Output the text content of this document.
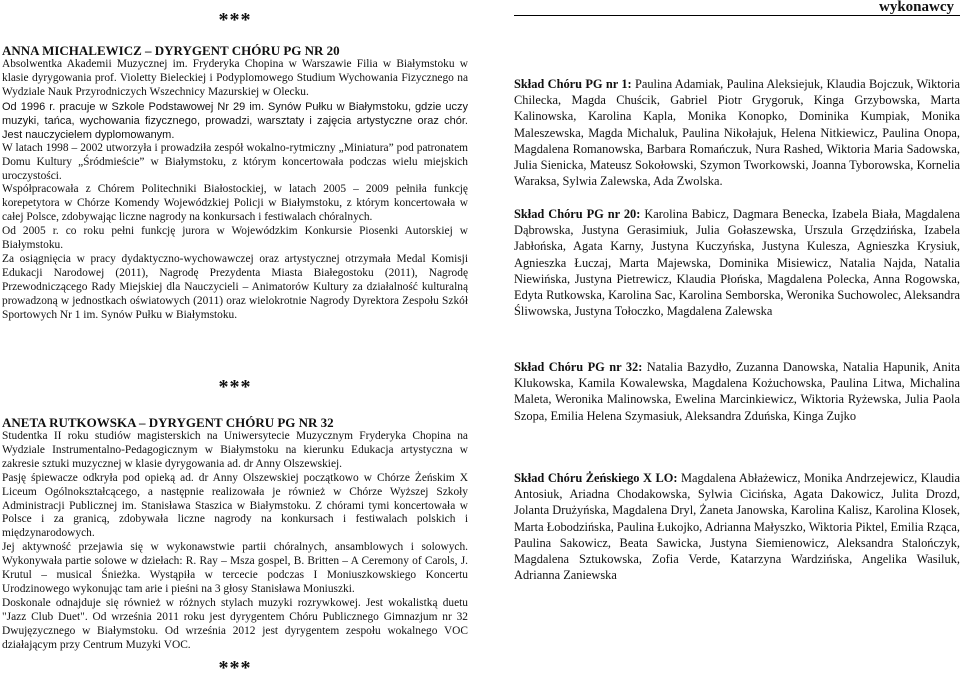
***

ANNA MICHALEWICZ – DYRYGENT CHÓRU PG NR 20

Absolwentka Akademii Muzycznej im. Fryderyka Chopina w Warszawie Filia w Białymstoku w klasie dyrygowania prof. Violetty Bieleckiej i Podyplomowego Studium Wychowania Fizycznego na Wydziale Nauk Przyrodniczych Wszechnicy Mazurskiej w Olecku.

Od 1996 r. pracuje w Szkole Podstawowej Nr 29 im. Synów Pułku w Białymstoku, gdzie uczy muzyki, tańca, wychowania fizycznego, prowadzi, warsztaty i zajęcia artystyczne oraz chór. Jest nauczycielem dyplomowanym.

W latach 1998 – 2002 utworzyła i prowadziła zespół wokalno-rytmiczny „Miniatura” pod patronatem Domu Kultury „Śródmieście” w Białymstoku, z którym koncertowała podczas wielu miejskich uroczystości.

Współpracowała z Chórem Politechniki Białostockiej, w latach 2005 – 2009 pełniła funkcję korepetytora w Chórze Komendy Wojewódzkiej Policji w Białymstoku, z którym koncertowała w całej Polsce, zdobywając liczne nagrody na konkursach i festiwalach chóralnych.

Od 2005 r. co roku pełni funkcję jurora w Wojewódzkim Konkursie Piosenki Autorskiej w Białymstoku.

Za osiągnięcia w pracy dydaktyczno-wychowawczej oraz artystycznej otrzymała Medal Komisji Edukacji Narodowej (2011), Nagrodę Prezydenta Miasta Białegostoku (2011), Nagrodę Przewodniczącego Rady Miejskiej dla Nauczycieli – Animatorów Kultury za działalność kulturalną prowadzoną w jednostkach oświatowych (2011) oraz wielokrotnie Nagrody Dyrektora Zespołu Szkół Sportowych Nr 1 im. Synów Pułku w Białymstoku.

***

ANETA RUTKOWSKA – DYRYGENT CHÓRU PG NR 32

Studentka II roku studiów magisterskich na Uniwersytecie Muzycznym Fryderyka Chopina na Wydziale Instrumentalno-Pedagogicznym w Białymstoku na kierunku Edukacja artystyczna w zakresie sztuki muzycznej w klasie dyrygowania ad. dr Anny Olszewskiej.

Pasję śpiewacze odkryła pod opieką ad. dr Anny Olszewskiej początkowo w Chórze Żeńskim X Liceum Ogólnokształcącego, a następnie realizowała je również w Chórze Wyższej Szkoły Administracji Publicznej im. Stanisława Staszica w Białymstoku. Z chórami tymi koncertowała w Polsce i za granicą, zdobywała liczne nagrody na konkursach i festiwalach polskich i międzynarodowych.

Jej aktywność przejawia się w wykonawstwie partii chóralnych, ansamblowych i solowych. Wykonywała partie solowe w dziełach: R. Ray – Msza gospel, B. Britten – A Ceremony of Carols, J. Krutul – musical Śnieżka. Wystąpiła w tercecie podczas I Moniuszkowskiego Koncertu Urodzinowego wykonując tam arie i pieśni na 3 głosy Stanisława Moniuszki.

Doskonale odnajduje się również w różnych stylach muzyki rozrywkowej. Jest wokalistką duetu "Jazz Club Duet". Od września 2011 roku jest dyrygentem Chóru Publicznego Gimnazjum nr 32 Dwujęzycznego w Białymstoku. Od września 2012 jest dyrygentem zespołu wokalnego VOC działającym przy Centrum Muzyki VOC.

***
wykonawcy

Skład Chóru PG nr 1: Paulina Adamiak, Paulina Aleksiejuk, Klaudia Bojczuk, Wiktoria Chilecka, Magda Chuścik, Gabriel Piotr Grygoruk, Kinga Grzybowska, Marta Kalinowska, Karolina Kapla, Monika Konopko, Dominika Kumpiak, Monika Maleszewska, Magda Michaluk, Paulina Nikołajuk, Helena Nitkiewicz, Paulina Onopa, Magdalena Romanowska, Barbara Romańczuk, Nura Rashed, Wiktoria Maria Sadowska, Julia Sienicka, Mateusz Sokołowski, Szymon Tworkowski, Joanna Tyborowska, Kornelia Waraksa, Sylwia Zalewska, Ada Zwolska.

Skład Chóru PG nr 20: Karolina Babicz, Dagmara Benecka, Izabela Biała, Magdalena Dąbrowska, Justyna Gerasimiuk, Julia Gołaszewska, Urszula Grzędzińska, Izabela Jabłońska, Agata Karny, Justyna Kuczyńska, Justyna Kulesza, Agnieszka Krysiuk, Agnieszka Łuczaj, Marta Majewska, Dominika Misiewicz, Natalia Najda, Natalia Niewińska, Justyna Pietrewicz, Klaudia Płońska, Magdalena Polecka, Anna Rogowska, Edyta Rutkowska, Karolina Sac, Karolina Semborska, Weronika Suchowolec, Aleksandra Śliwowska, Justyna Tołoczko, Magdalena Zalewska

Skład Chóru PG nr 32: Natalia Bazydło, Zuzanna Danowska, Natalia Hapunik, Anita Klukowska, Kamila Kowalewska, Magdalena Kożuchowska, Paulina Litwa, Michalina Maleta, Weronika Malinowska, Ewelina Marcinkiewicz, Wiktoria Ryżewska, Julia Paola Szopa, Emilia Helena Szymasiuk, Aleksandra Zduńska, Kinga Zujko

Skład Chóru Żeńskiego X LO: Magdalena Abłażewicz, Monika Andrzejewicz, Klaudia Antosiuk, Ariadna Chodakowska, Sylwia Cicińska, Agata Dakowicz, Julita Drozd, Jolanta Drużyńska, Magdalena Dryl, Żaneta Janowska, Karolina Kalisz, Karolina Klosek, Marta Łobodzińska, Paulina Łukojko, Adrianna Małyszko, Wiktoria Piktel, Emilia Rząca, Paulina Sakowicz, Beata Sawicka, Justyna Siemienowicz, Aleksandra Stalończyk, Magdalena Sztukowska, Zofia Verde, Katarzyna Wardzińska, Angelika Wasiluk, Adrianna Zaniewska
